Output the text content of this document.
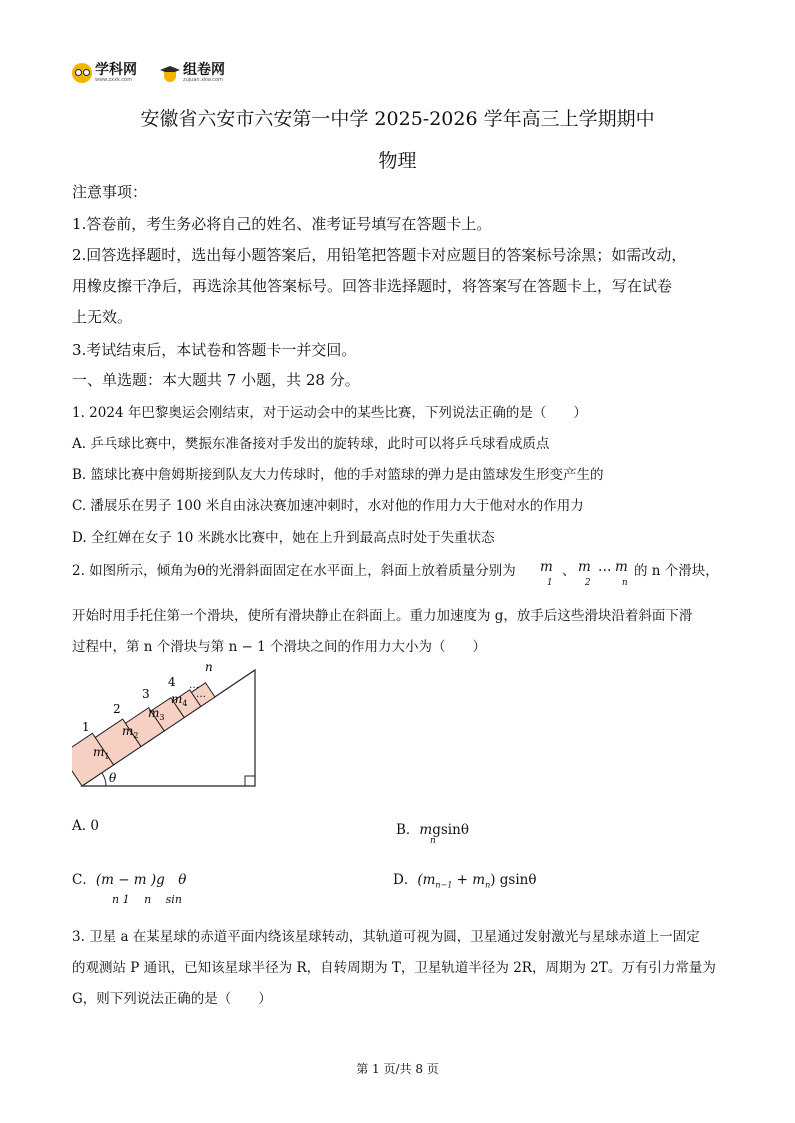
学科网
www.zxxk.com
组卷网
zujuan.xkw.com
安徽省六安市六安第一中学 2025-2026 学年高三上学期期中
物理
注意事项：
1.答卷前，考生务必将自己的姓名、准考证号填写在答题卡上。
2.回答选择题时，选出每小题答案后，用铅笔把答题卡对应题目的答案标号涂黑；如需改动，
用橡皮擦干净后，再选涂其他答案标号。回答非选择题时，将答案写在答题卡上，写在试卷
上无效。
3.考试结束后，本试卷和答题卡一并交回。
一、单选题：本大题共 7 小题，共 28 分。
1. 2024 年巴黎奥运会刚结束，对于运动会中的某些比赛，下列说法正确的是（　　）
A. 乒乓球比赛中，樊振东准备接对手发出的旋转球，此时可以将乒乓球看成质点
B. 篮球比赛中詹姆斯接到队友大力传球时，他的手对篮球的弹力是由篮球发生形变产生的
C. 潘展乐在男子 100 米自由泳决赛加速冲刺时，水对他的作用力大于他对水的作用力
D. 全红婵在女子 10 米跳水比赛中，她在上升到最高点时处于失重状态
2. 如图所示，倾角为θ的光滑斜面固定在水平面上，斜面上放着质量分别为 $m_1$
、 $m_2$
… $m_n$
的 n 个滑块，
开始时用手托住第一个滑块，使所有滑块静止在斜面上。重力加速度为 g，放手后这些滑块沿着斜面下滑
过程中，第 n 个滑块与第 n − 1 个滑块之间的作用力大小为（　　）
θ
1
2
3
4
n
…
…
$m_1$
$m_2$
$m_3$
$m_4$
A. 0	B．mgsinθ
n
C．(m − m )g　θ
n 1　 n　 sin
D．$(m_{n-1} + m_n)$ gsinθ
3. 卫星 a 在某星球的赤道平面内绕该星球转动，其轨道可视为圆，卫星通过发射激光与星球赤道上一固定
的观测站 P 通讯，已知该星球半径为 R，自转周期为 T，卫星轨道半径为 2R，周期为 2T。万有引力常量为
G，则下列说法正确的是（　　）
第 1 页/共 8 页
